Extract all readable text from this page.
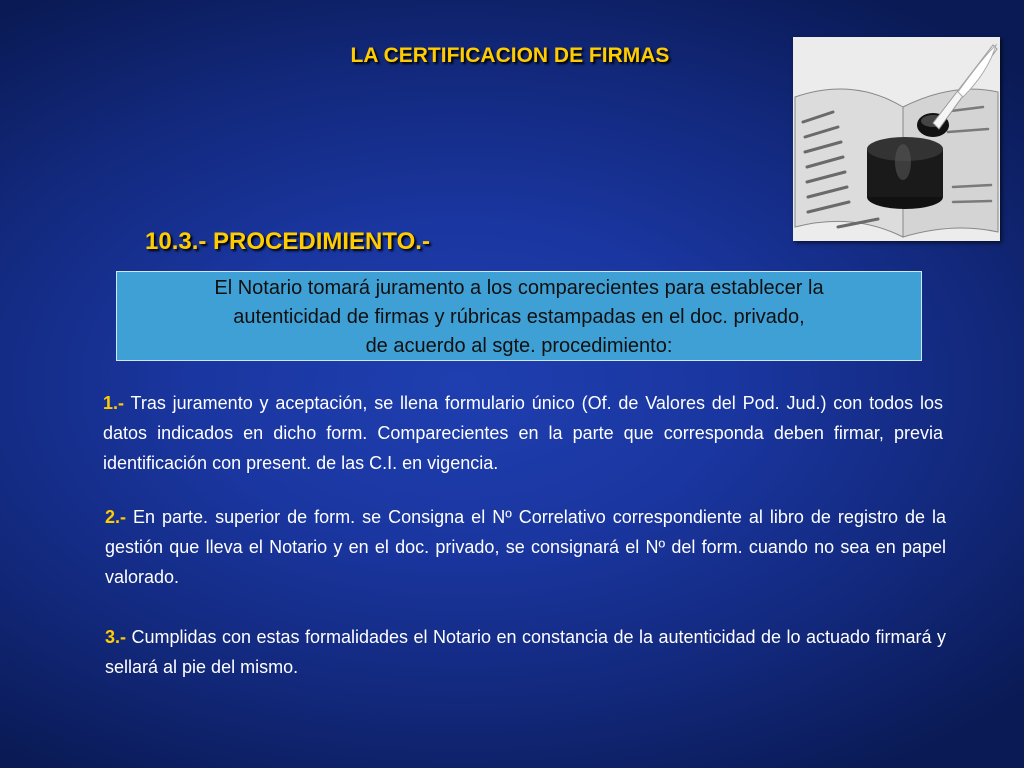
LA CERTIFICACION DE FIRMAS
10.3.- PROCEDIMIENTO.-
El Notario tomará juramento a los comparecientes para establecer la
autenticidad de firmas y rúbricas estampadas en el doc. privado,
de acuerdo al sgte. procedimiento:

1.- Tras juramento y aceptación, se llena formulario único (Of. de Valores del Pod. Jud.) con todos los datos indicados en dicho form. Comparecientes en la parte que corresponda deben firmar, previa identificación con present. de las C.I. en vigencia.

2.- En parte. superior de form. se Consigna el Nº Correlativo correspondiente al libro de registro de la gestión que lleva el Notario y en el doc. privado, se consignará el Nº del form. cuando no sea en papel valorado.

3.- Cumplidas con estas formalidades el Notario en constancia de la autenticidad de lo actuado firmará y sellará al pie del mismo.
